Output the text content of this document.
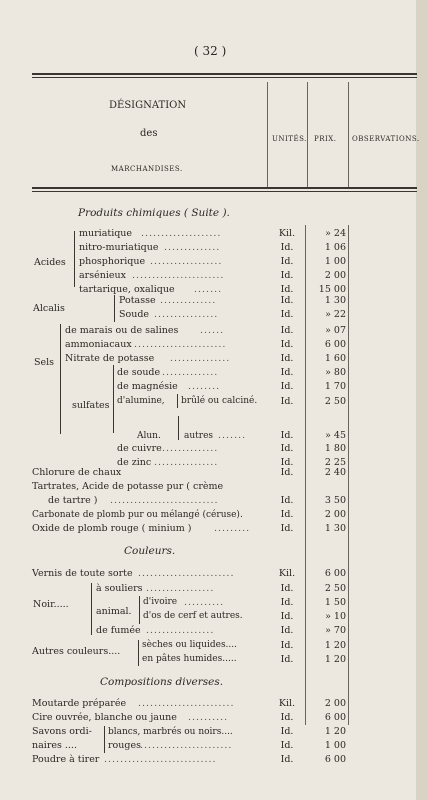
( 32 )
DÉSIGNATION
des
MARCHANDISES.
UNITÉS. PRIX. OBSERVATIONS.
Produits chimiques ( Suite ).
Acides
Alcalis
Sels
sulfates
Alun.
muriatique ....................	Kil.	» 24
nitro-muriatique ..............	Id.	1 06
phosphorique ..................	Id.	1 00
arsénieux .......................	Id.	2 00
tartarique, oxalique .......	Id.	15 00
Potasse ..............	Id.	1 30
Soude ................	Id.	» 22
de marais ou de salines ......	Id.	» 07
ammoniacaux .......................	Id.	6 00
Nitrate de potasse ...............	Id.	1 60
de soude ..............	Id.	» 80
de magnésie ........	Id.	1 70
d'alumine, brûlé ou calciné.	Id.	2 50
autres .......	Id.	» 45
de cuivre ..............	Id.	1 80
de zinc ................	Id.	2 25
Chlorure de chaux	Id.	2 40
Tartrates, Acide de potasse pur ( crème
de tartre ) ...........................	Id.	3 50
Carbonate de plomb pur ou mélangé (céruse).	Id.	2 00
Oxide de plomb rouge ( minium ) .........	Id.	1 30
Couleurs.
Vernis de toute sorte ........................	Kil.	6 00
Noir.....
à souliers .................	Id.	2 50
animal.
d'ivoire ..........	Id.	1 50
d'os de cerf et autres.	Id.	» 10
de fumée .................	Id.	» 70
Autres couleurs....
sèches ou liquides....	Id.	1 20
en pâtes humides.....	Id.	1 20
Compositions diverses.
Moutarde préparée ........................	Kil.	2 00
Cire ouvrée, blanche ou jaune ..........	Id.	6 00
Savons ordi-
naires ....
blancs, marbrés ou noirs....	Id.	1 20
rouges .......................	Id.	1 00
Poudre à tirer ............................	Id.	6 00
